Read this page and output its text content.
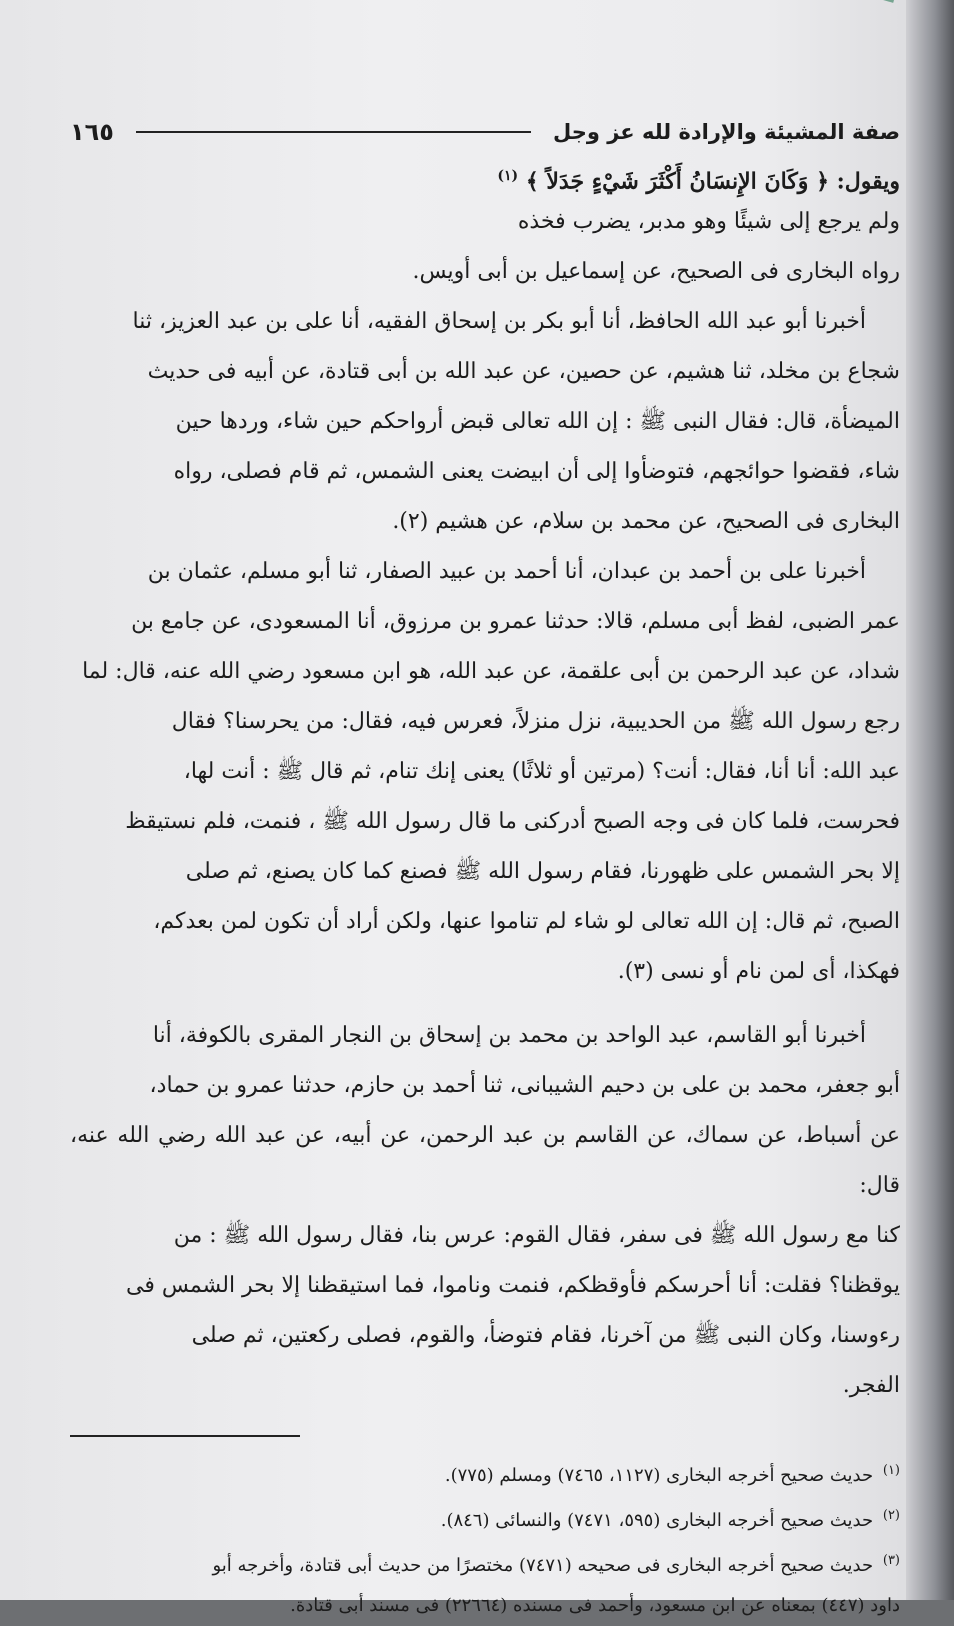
صفة المشيئة والإرادة لله عز وجل
١٦٥

ويقول: ﴿ وَكَانَ الإِنسَانُ أَكْثَرَ شَيْءٍ جَدَلاً ﴾ $^{(١)}$

ولم يرجع إلى شيئًا وهو مدبر، يضرب فخذه
رواه البخارى فى الصحيح، عن إسماعيل بن أبى أويس.

أخبرنا أبو عبد الله الحافظ، أنا أبو بكر بن إسحاق الفقيه، أنا على بن عبد العزيز، ثنا
شجاع بن مخلد، ثنا هشيم، عن حصين، عن عبد الله بن أبى قتادة، عن أبيه فى حديث
الميضأة، قال: فقال النبى ﷺ : إن الله تعالى قبض أرواحكم حين شاء، وردها حين
شاء، فقضوا حوائجهم، فتوضأوا إلى أن ابيضت يعنى الشمس، ثم قام فصلى، رواه
البخارى فى الصحيح، عن محمد بن سلام، عن هشيم (٢).

أخبرنا على بن أحمد بن عبدان، أنا أحمد بن عبيد الصفار، ثنا أبو مسلم، عثمان بن
عمر الضبى، لفظ أبى مسلم، قالا: حدثنا عمرو بن مرزوق، أنا المسعودى، عن جامع بن
شداد، عن عبد الرحمن بن أبى علقمة، عن عبد الله، هو ابن مسعود رضي الله عنه، قال: لما
رجع رسول الله ﷺ من الحديبية، نزل منزلاً، فعرس فيه، فقال: من يحرسنا؟ فقال
عبد الله: أنا أنا، فقال: أنت؟ (مرتين أو ثلاثًا) يعنى إنك تنام، ثم قال ﷺ : أنت لها،
فحرست، فلما كان فى وجه الصبح أدركنى ما قال رسول الله ﷺ ، فنمت، فلم نستيقظ
إلا بحر الشمس على ظهورنا، فقام رسول الله ﷺ فصنع كما كان يصنع، ثم صلى
الصبح، ثم قال: إن الله تعالى لو شاء لم تناموا عنها، ولكن أراد أن تكون لمن بعدكم،
فهكذا، أى لمن نام أو نسى (٣).

أخبرنا أبو القاسم، عبد الواحد بن محمد بن إسحاق بن النجار المقرى بالكوفة، أنا
أبو جعفر، محمد بن على بن دحيم الشيبانى، ثنا أحمد بن حازم، حدثنا عمرو بن حماد،
عن أسباط، عن سماك، عن القاسم بن عبد الرحمن، عن أبيه، عن عبد الله رضي الله عنه، قال:
كنا مع رسول الله ﷺ فى سفر، فقال القوم: عرس بنا، فقال رسول الله ﷺ : من
يوقظنا؟ فقلت: أنا أحرسكم فأوقظكم، فنمت وناموا، فما استيقظنا إلا بحر الشمس فى
رءوسنا، وكان النبى ﷺ من آخرنا، فقام فتوضأ، والقوم، فصلى ركعتين، ثم صلى
الفجر.

$^{(١)}$ حديث صحيح أخرجه البخارى (١١٢٧، ٧٤٦٥) ومسلم (٧٧٥).
$^{(٢)}$ حديث صحيح أخرجه البخارى (٥٩٥، ٧٤٧١) والنسائى (٨٤٦).
$^{(٣)}$ حديث صحيح أخرجه البخارى فى صحيحه (٧٤٧١) مختصرًا من حديث أبى قتادة، وأخرجه أبو
داود (٤٤٧) بمعناه عن ابن مسعود، وأحمد فى مسنده (٢٢٦٦٤) فى مسند أبى قتادة.
